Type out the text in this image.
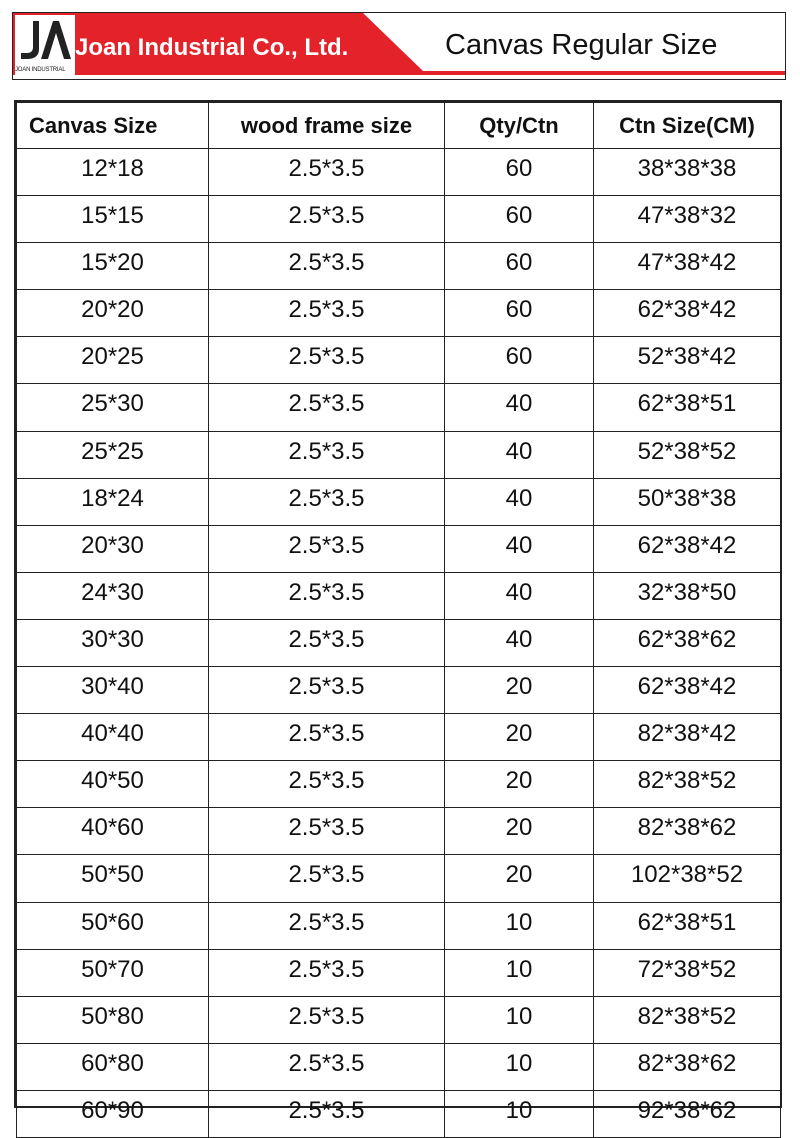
JOAN INDUSTRIAL
Joan Industrial Co., Ltd.	Canvas Regular Size
Canvas Size	wood frame size	Qty/Ctn	Ctn Size(CM)
12*18	2.5*3.5	60	38*38*38
15*15	2.5*3.5	60	47*38*32
15*20	2.5*3.5	60	47*38*42
20*20	2.5*3.5	60	62*38*42
20*25	2.5*3.5	60	52*38*42
25*30	2.5*3.5	40	62*38*51
25*25	2.5*3.5	40	52*38*52
18*24	2.5*3.5	40	50*38*38
20*30	2.5*3.5	40	62*38*42
24*30	2.5*3.5	40	32*38*50
30*30	2.5*3.5	40	62*38*62
30*40	2.5*3.5	20	62*38*42
40*40	2.5*3.5	20	82*38*42
40*50	2.5*3.5	20	82*38*52
40*60	2.5*3.5	20	82*38*62
50*50	2.5*3.5	20	102*38*52
50*60	2.5*3.5	10	62*38*51
50*70	2.5*3.5	10	72*38*52
50*80	2.5*3.5	10	82*38*52
60*80	2.5*3.5	10	82*38*62
60*90	2.5*3.5	10	92*38*62
